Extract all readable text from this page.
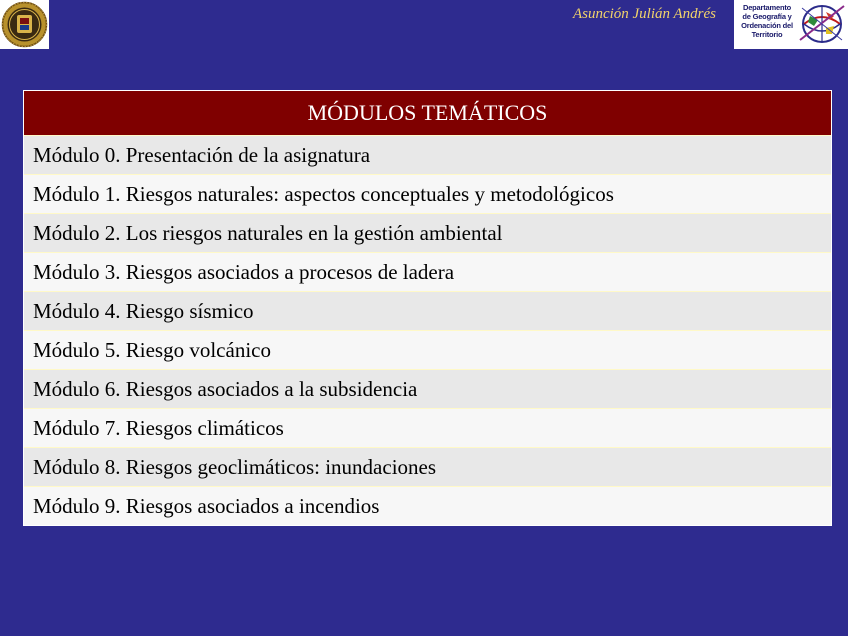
Asunción Julián Andrés	Departamento
de Geografía y
Ordenación del
Territorio
MÓDULOS TEMÁTICOS
Módulo 0. Presentación de la asignatura
Módulo 1. Riesgos naturales: aspectos conceptuales y metodológicos
Módulo 2. Los riesgos naturales en la gestión ambiental
Módulo 3. Riesgos asociados a procesos de ladera
Módulo 4. Riesgo sísmico
Módulo 5. Riesgo volcánico
Módulo 6. Riesgos asociados a la subsidencia
Módulo 7. Riesgos climáticos
Módulo 8. Riesgos geoclimáticos: inundaciones
Módulo 9. Riesgos asociados a incendios
